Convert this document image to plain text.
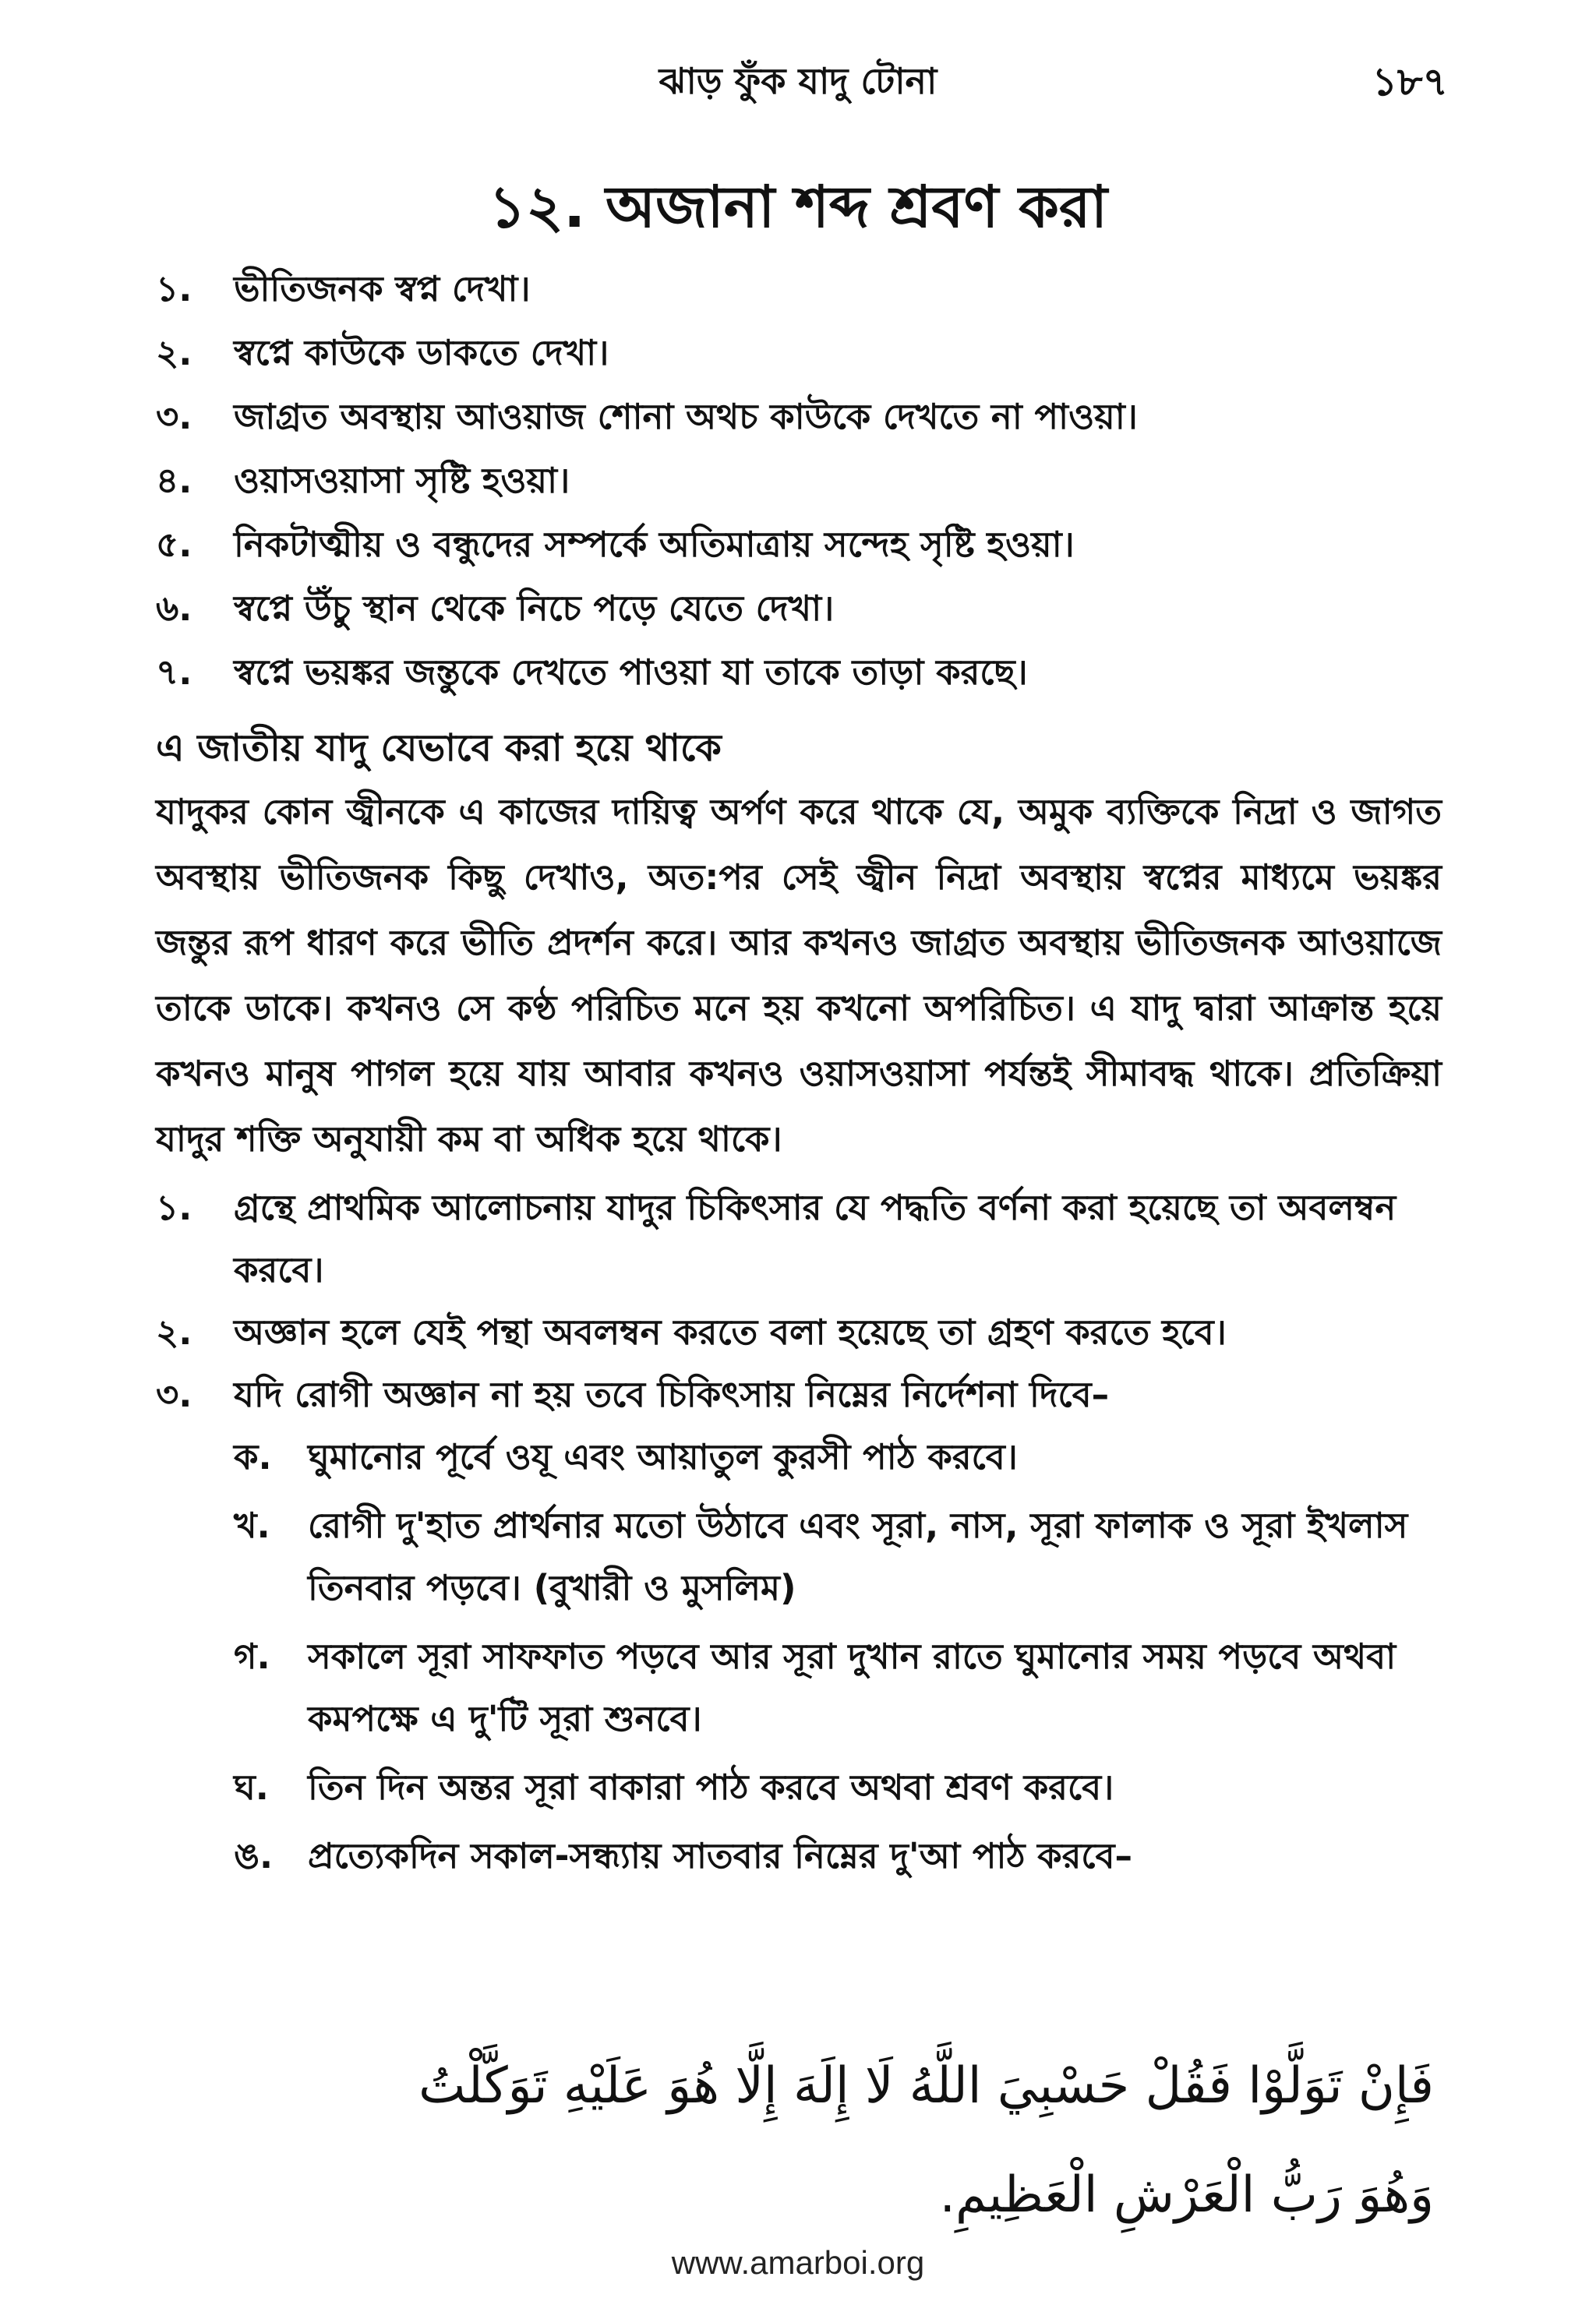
ঝাড় ফুঁক যাদু টোনা	১৮৭
১২. অজানা শব্দ শ্রবণ করা
১.	ভীতিজনক স্বপ্ন দেখা।
২.	স্বপ্নে কাউকে ডাকতে দেখা।
৩.	জাগ্রত অবস্থায় আওয়াজ শোনা অথচ কাউকে দেখতে না পাওয়া।
৪.	ওয়াসওয়াসা সৃষ্টি হওয়া।
৫.	নিকটাত্মীয় ও বন্ধুদের সম্পর্কে অতিমাত্রায় সন্দেহ সৃষ্টি হওয়া।
৬.	স্বপ্নে উঁচু স্থান থেকে নিচে পড়ে যেতে দেখা।
৭.	স্বপ্নে ভয়ঙ্কর জন্তুকে দেখতে পাওয়া যা তাকে তাড়া করছে।
এ জাতীয় যাদু যেভাবে করা হয়ে থাকে

যাদুকর কোন জ্বীনকে এ কাজের দায়িত্ব অর্পণ করে থাকে যে, অমুক ব্যক্তিকে নিদ্রা ও জাগত অবস্থায় ভীতিজনক কিছু দেখাও, অত:পর সেই জ্বীন নিদ্রা অবস্থায় স্বপ্নের মাধ্যমে ভয়ঙ্কর জন্তুর রূপ ধারণ করে ভীতি প্রদর্শন করে। আর কখনও জাগ্রত অবস্থায় ভীতিজনক আওয়াজে তাকে ডাকে। কখনও সে কণ্ঠ পরিচিত মনে হয় কখনো অপরিচিত। এ যাদু দ্বারা আক্রান্ত হয়ে কখনও মানুষ পাগল হয়ে যায় আবার কখনও ওয়াসওয়াসা পর্যন্তই সীমাবদ্ধ থাকে। প্রতিক্রিয়া যাদুর শক্তি অনুযায়ী কম বা অধিক হয়ে থাকে।

১.	গ্রন্থে প্রাথমিক আলোচনায় যাদুর চিকিৎসার যে পদ্ধতি বর্ণনা করা হয়েছে তা অবলম্বন করবে।
২.	অজ্ঞান হলে যেই পন্থা অবলম্বন করতে বলা হয়েছে তা গ্রহণ করতে হবে।
৩.	যদি রোগী অজ্ঞান না হয় তবে চিকিৎসায় নিম্নের নির্দেশনা দিবে–
ক.	ঘুমানোর পূর্বে ওযূ এবং আয়াতুল কুরসী পাঠ করবে।
খ.	রোগী দু'হাত প্রার্থনার মতো উঠাবে এবং সূরা, নাস, সূরা ফালাক ও সূরা ইখলাস তিনবার পড়বে। (বুখারী ও মুসলিম)
গ.	সকালে সূরা সাফফাত পড়বে আর সূরা দুখান রাতে ঘুমানোর সময় পড়বে অথবা কমপক্ষে এ দু'টি সূরা শুনবে।
ঘ.	তিন দিন অন্তর সূরা বাকারা পাঠ করবে অথবা শ্রবণ করবে।
ঙ. প্রত্যেকদিন সকাল-সন্ধ্যায় সাতবার নিম্নের দু'আ পাঠ করবে–
فَإِنْ تَوَلَّوْا فَقُلْ حَسْبِيَ اللَّهُ لَا إِلَهَ إِلَّا هُوَ عَلَيْهِ تَوَكَّلْتُ
وَهُوَ رَبُّ الْعَرْشِ الْعَظِيمِ.
www.amarboi.org
